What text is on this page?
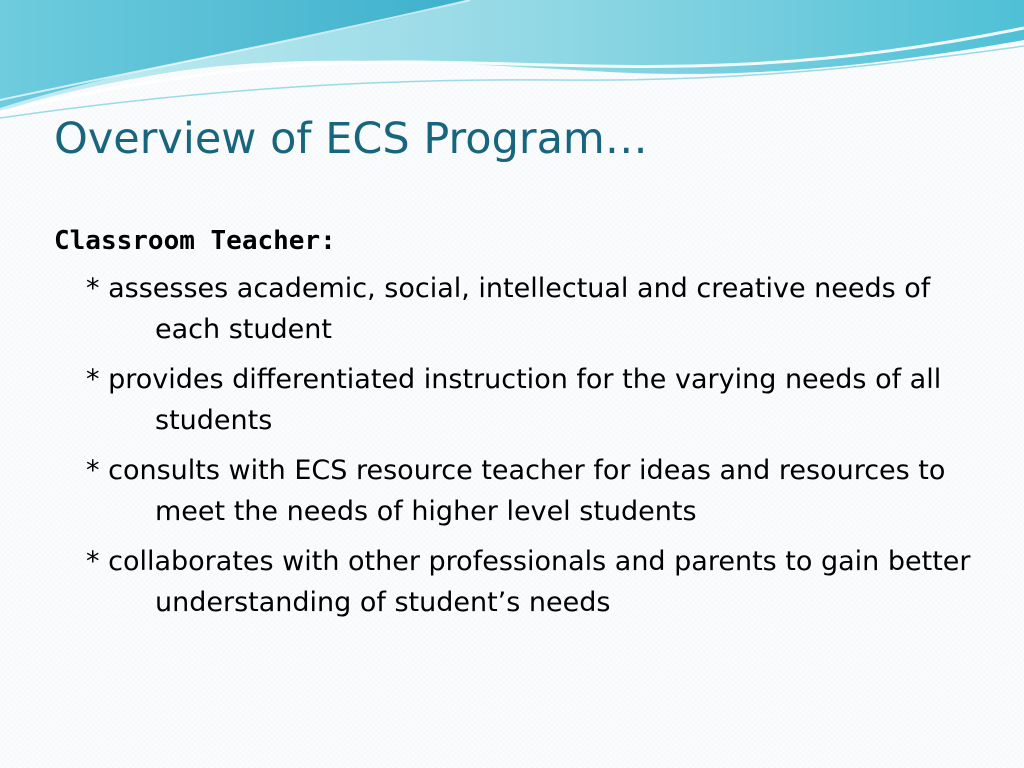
Overview of ECS Program…
Classroom Teacher:
* assesses academic, social, intellectual and creative needs of each student
* provides differentiated instruction for the varying needs of all students
* consults with ECS resource teacher for ideas and resources to meet the needs of higher level students
* collaborates with other professionals and parents to gain better understanding of student’s needs
